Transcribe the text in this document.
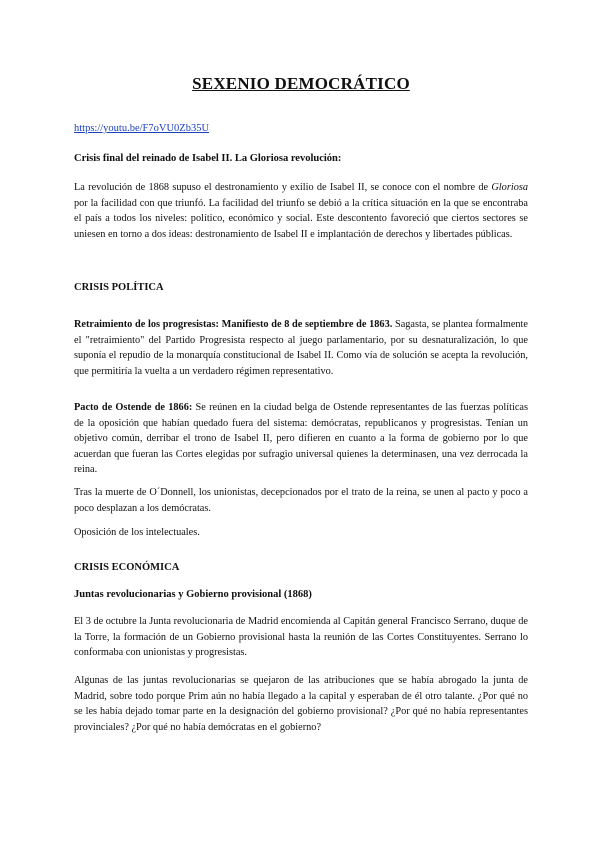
SEXENIO DEMOCRÁTICO
https://youtu.be/F7oVU0Zb35U
Crisis final del reinado de Isabel II. La Gloriosa revolución:
La revolución de 1868 supuso el destronamiento y exilio de Isabel II, se conoce con el nombre de Gloriosa por la facilidad con que triunfó. La facilidad del triunfo se debió a la crítica situación en la que se encontraba el país a todos los niveles: político, económico y social. Este descontento favoreció que ciertos sectores se uniesen en torno a dos ideas: destronamiento de Isabel II e implantación de derechos y libertades públicas.
CRISIS POLÍTICA
Retraimiento de los progresistas: Manifiesto de 8 de septiembre de 1863. Sagasta, se plantea formalmente el "retraimiento" del Partido Progresista respecto al juego parlamentario, por su desnaturalización, lo que suponía el repudio de la monarquía constitucional de Isabel II. Como vía de solución se acepta la revolución, que permitiría la vuelta a un verdadero régimen representativo.
Pacto de Ostende de 1866: Se reúnen en la ciudad belga de Ostende representantes de las fuerzas políticas de la oposición que habían quedado fuera del sistema: demócratas, republicanos y progresistas. Tenían un objetivo común, derribar el trono de Isabel II, pero difieren en cuanto a la forma de gobierno por lo que acuerdan que fueran las Cortes elegidas por sufragio universal quienes la determinasen, una vez derrocada la reina.
Tras la muerte de O´Donnell, los unionistas, decepcionados por el trato de la reina, se unen al pacto y poco a poco desplazan a los demócratas.
Oposición de los intelectuales.
CRISIS ECONÓMICA
Juntas revolucionarias y Gobierno provisional (1868)
El 3 de octubre la Junta revolucionaria de Madrid encomienda al Capitán general Francisco Serrano, duque de la Torre, la formación de un Gobierno provisional hasta la reunión de las Cortes Constituyentes. Serrano lo conformaba con unionistas y progresistas.
Algunas de las juntas revolucionarias se quejaron de las atribuciones que se había abrogado la junta de Madrid, sobre todo porque Prim aún no había llegado a la capital y esperaban de él otro talante. ¿Por qué no se les había dejado tomar parte en la designación del gobierno provisional? ¿Por qué no había representantes provinciales? ¿Por qué no había demócratas en el gobierno?
